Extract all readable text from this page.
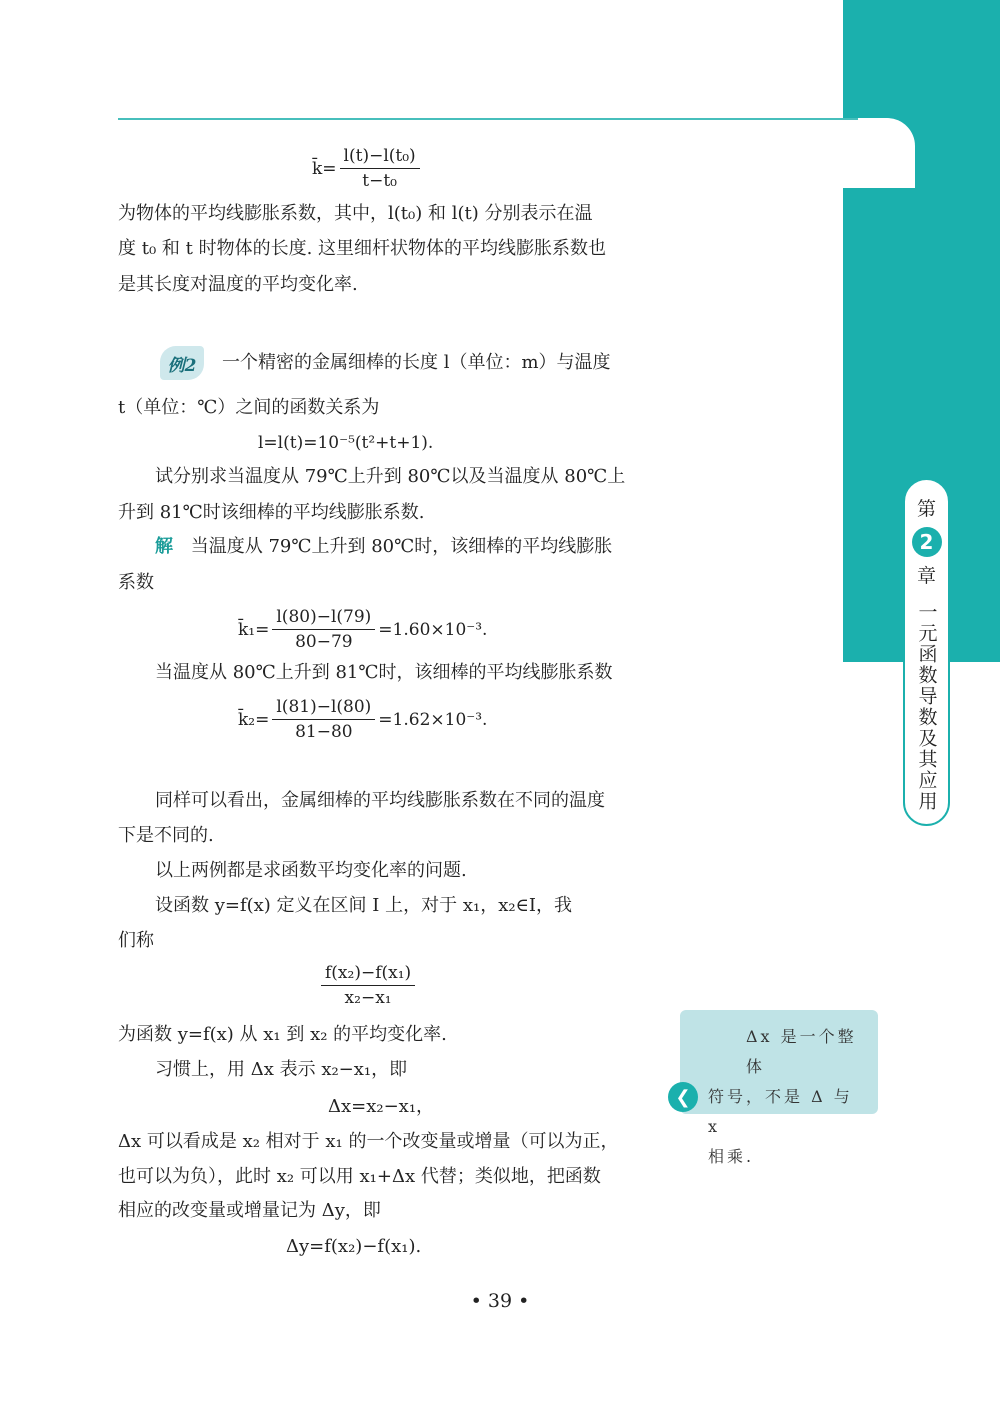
第
2
章
一元函数导数及其应用
k̄= $\frac{\text{l(t)−l(t₀)}}{\text{t−t₀}}$
为物体的平均线膨胀系数，其中，l(t₀) 和 l(t) 分别表示在温
度 t₀ 和 t 时物体的长度. 这里细杆状物体的平均线膨胀系数也
是其长度对温度的平均变化率.
例2	一个精密的金属细棒的长度 l（单位：m）与温度
t（单位：℃）之间的函数关系为
l=l(t)=10⁻⁵(t²+t+1).
试分别求当温度从 79℃上升到 80℃以及当温度从 80℃上
升到 81℃时该细棒的平均线膨胀系数.
解 当温度从 79℃上升到 80℃时，该细棒的平均线膨胀
系数
k̄₁= $\frac{l(80)-l(79)}{80-79} =1.60\times 10^{-3}$.
当温度从 80℃上升到 81℃时，该细棒的平均线膨胀系数
k̄₂= $\frac{l(81)-l(80)}{81-80} =1.62\times 10^{-3}$.
同样可以看出，金属细棒的平均线膨胀系数在不同的温度
下是不同的.
以上两例都是求函数平均变化率的问题.
设函数 y=f(x) 定义在区间 I 上，对于 x₁，x₂∈I，我
们称
$\frac{\text{f(x₂)−f(x₁)}}{\text{x₂−x₁}}$
为函数 y=f(x) 从 x₁ 到 x₂ 的平均变化率.
习惯上，用 Δx 表示 x₂−x₁，即
Δx=x₂−x₁，
Δx 可以看成是 x₂ 相对于 x₁ 的一个改变量或增量（可以为正，
也可以为负），此时 x₂ 可以用 x₁+Δx 代替；类似地，把函数
相应的改变量或增量记为 Δy，即
Δy=f(x₂)−f(x₁).
Δx 是一个整体
符号，不是 Δ 与 x
相乘.
❮
• 39 •
